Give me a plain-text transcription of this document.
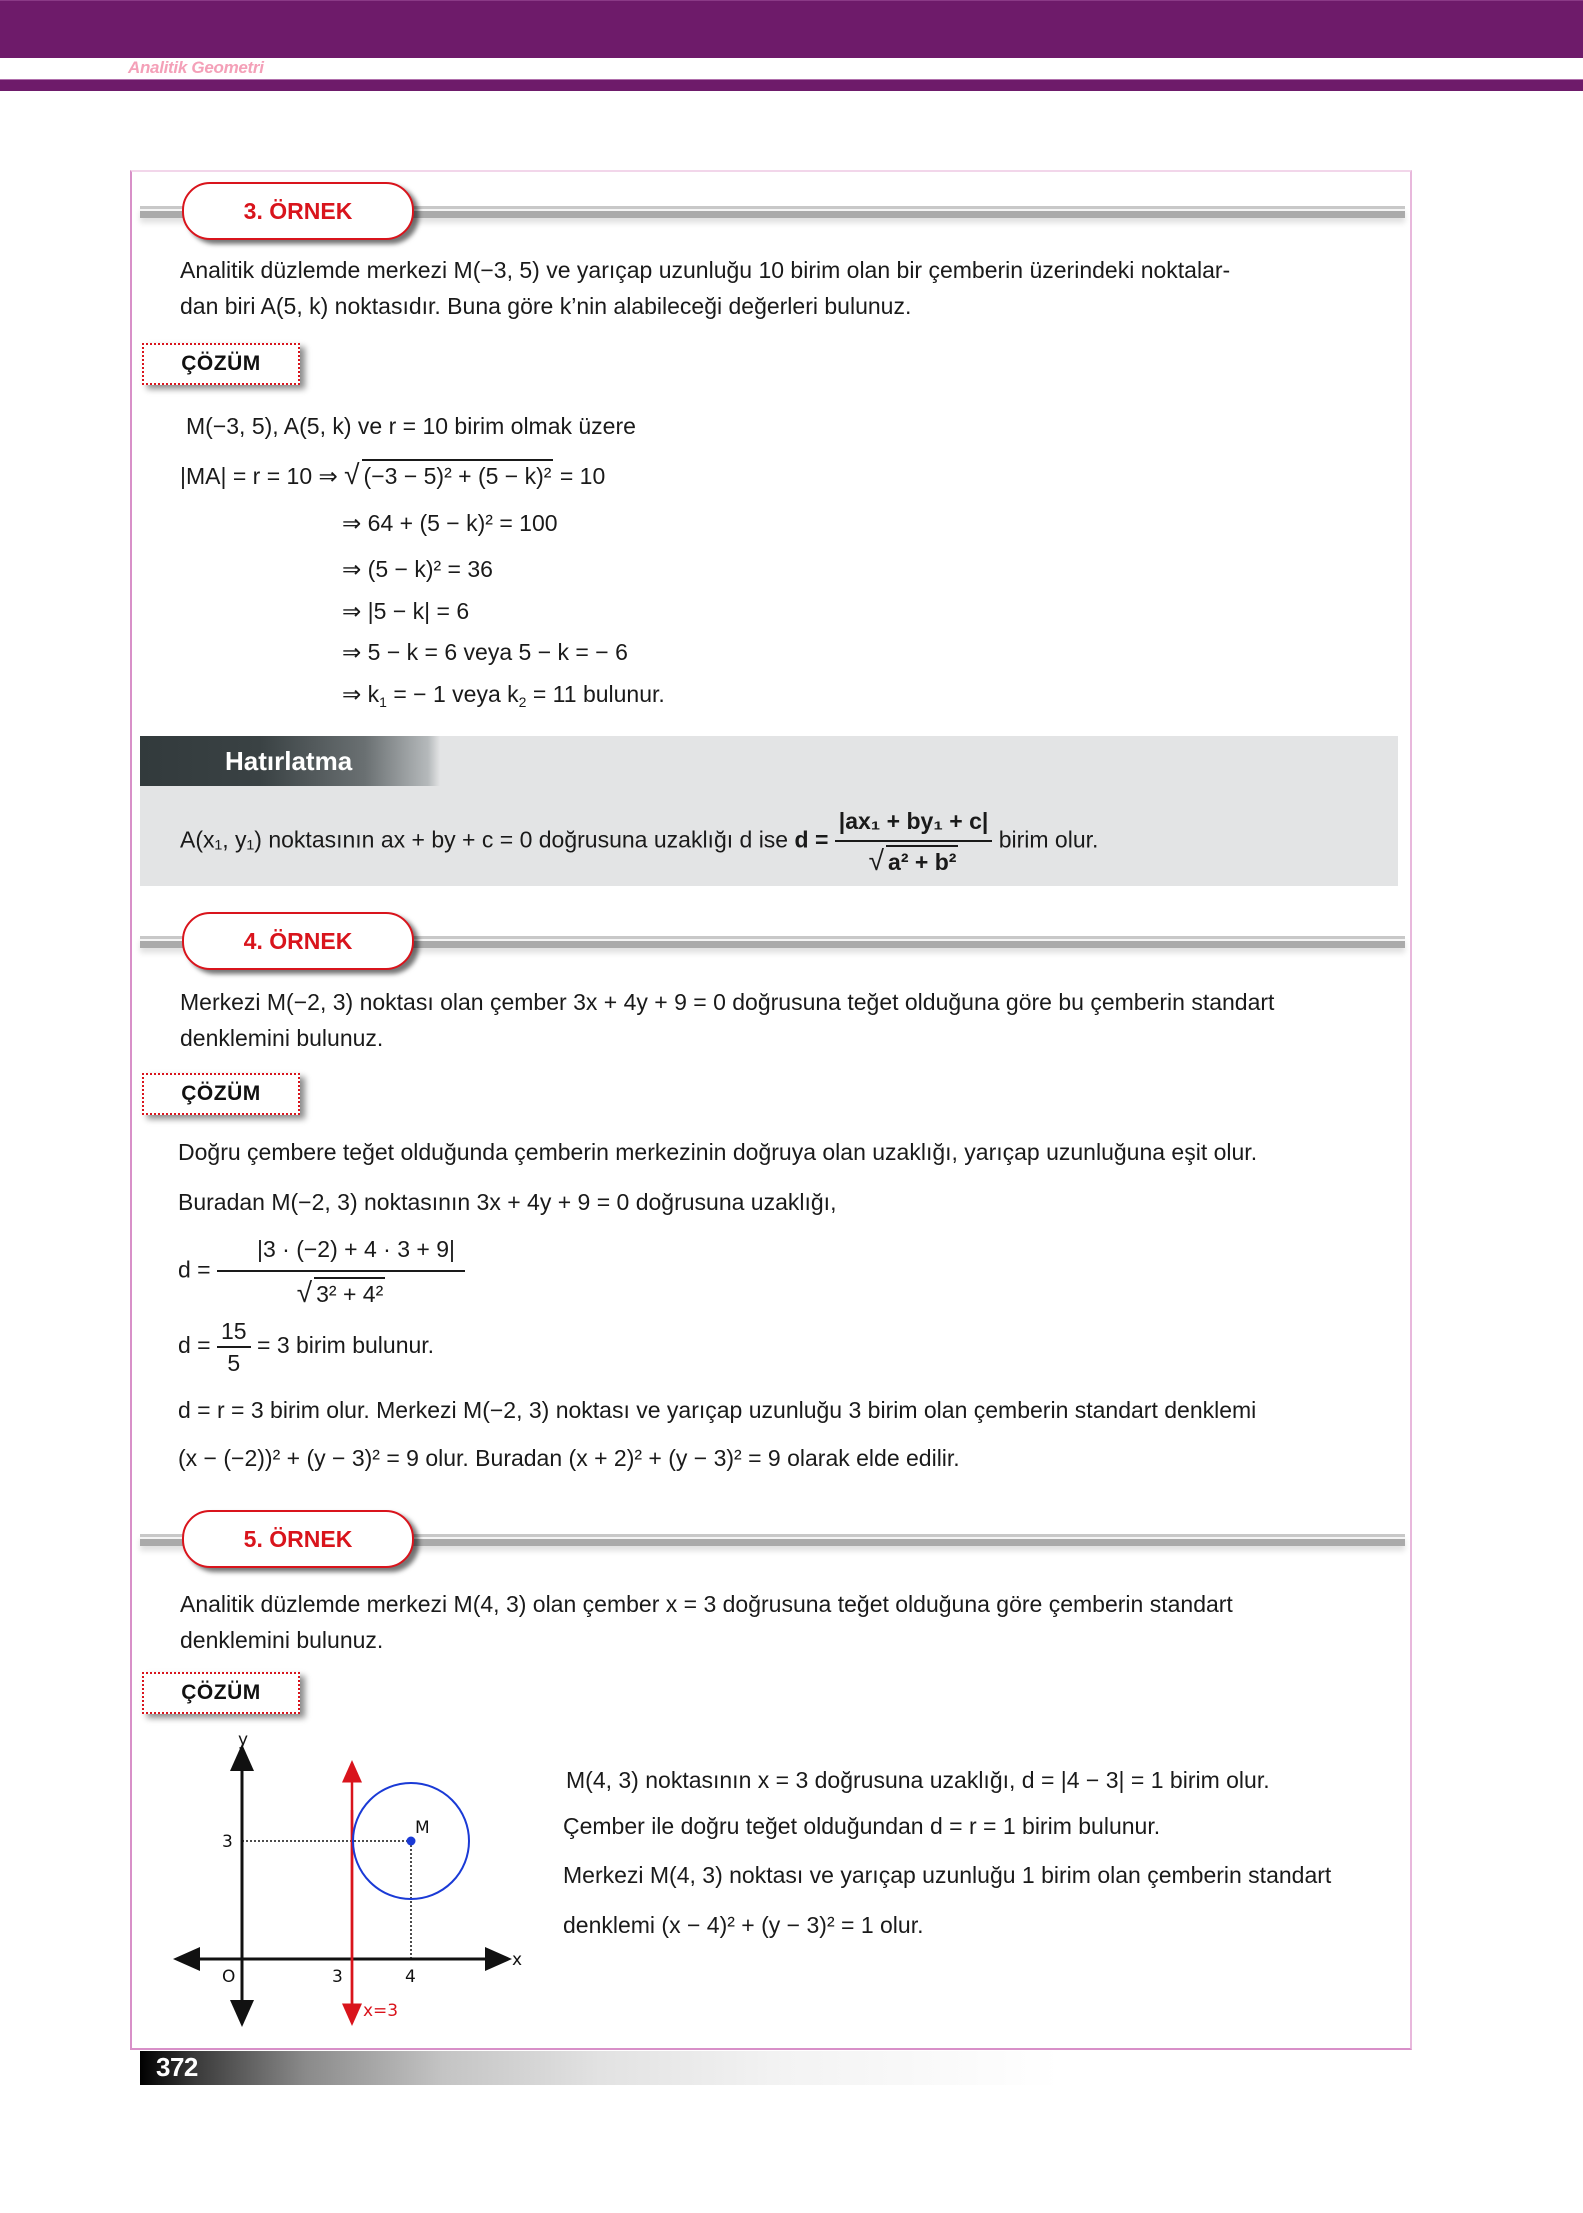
Analitik Geometri
3. ÖRNEK
Analitik düzlemde merkezi M(−3, 5) ve yarıçap uzunluğu 10 birim olan bir çemberin üzerindeki noktalar-
dan biri A(5, k) noktasıdır. Buna göre k’nin alabileceği değerleri bulunuz.
ÇÖZÜM
M(−3, 5), A(5, k) ve r = 10 birim olmak üzere
|MA| = r = 10 ⇒ √ (−3 − 5)² + (5 − k)² = 10
⇒ 64 + (5 − k)² = 100
⇒ (5 − k)² = 36
⇒ |5 − k| = 6
⇒ 5 − k = 6 veya 5 − k = − 6
⇒ $k_1$ = − 1 veya $k_2 = 11$ bulunur.
Hatırlatma
A(x₁, y₁) noktasının ax + by + c = 0 doğrusuna uzaklığı d ise $d = \frac{\text{|ax₁ + by₁ + c|}}{\text{√ a² + b²}}$ birim olur.
4. ÖRNEK
Merkezi M(−2, 3) noktası olan çember 3x + 4y + 9 = 0 doğrusuna teğet olduğuna göre bu çemberin standart
denklemini bulunuz.
ÇÖZÜM
Doğru çembere teğet olduğunda çemberin merkezinin doğruya olan uzaklığı, yarıçap uzunluğuna eşit olur.
Buradan M(−2, 3) noktasının 3x + 4y + 9 = 0 doğrusuna uzaklığı,
$d = \frac{|3 \cdot (-2) + 4 \cdot 3 + 9|}{\text{√ 3² + 4²}}$
$d = \frac{15}{5} = 3$ birim bulunur.
d = r = 3 birim olur. Merkezi M(−2, 3) noktası ve yarıçap uzunluğu 3 birim olan çemberin standart denklemi
(x − (−2))² + (y − 3)² = 9 olur. Buradan (x + 2)² + (y − 3)² = 9 olarak elde edilir.
5. ÖRNEK
Analitik düzlemde merkezi M(4, 3) olan çember x = 3 doğrusuna teğet olduğuna göre çemberin standart
denklemini bulunuz.
ÇÖZÜM
y
x
O
3
3	4
M
x=3
M(4, 3) noktasının x = 3 doğrusuna uzaklığı, d = |4 − 3| = 1 birim olur.
Çember ile doğru teğet olduğundan d = r = 1 birim bulunur.
Merkezi M(4, 3) noktası ve yarıçap uzunluğu 1 birim olan çemberin standart
denklemi (x − 4)² + (y − 3)² = 1 olur.
372
